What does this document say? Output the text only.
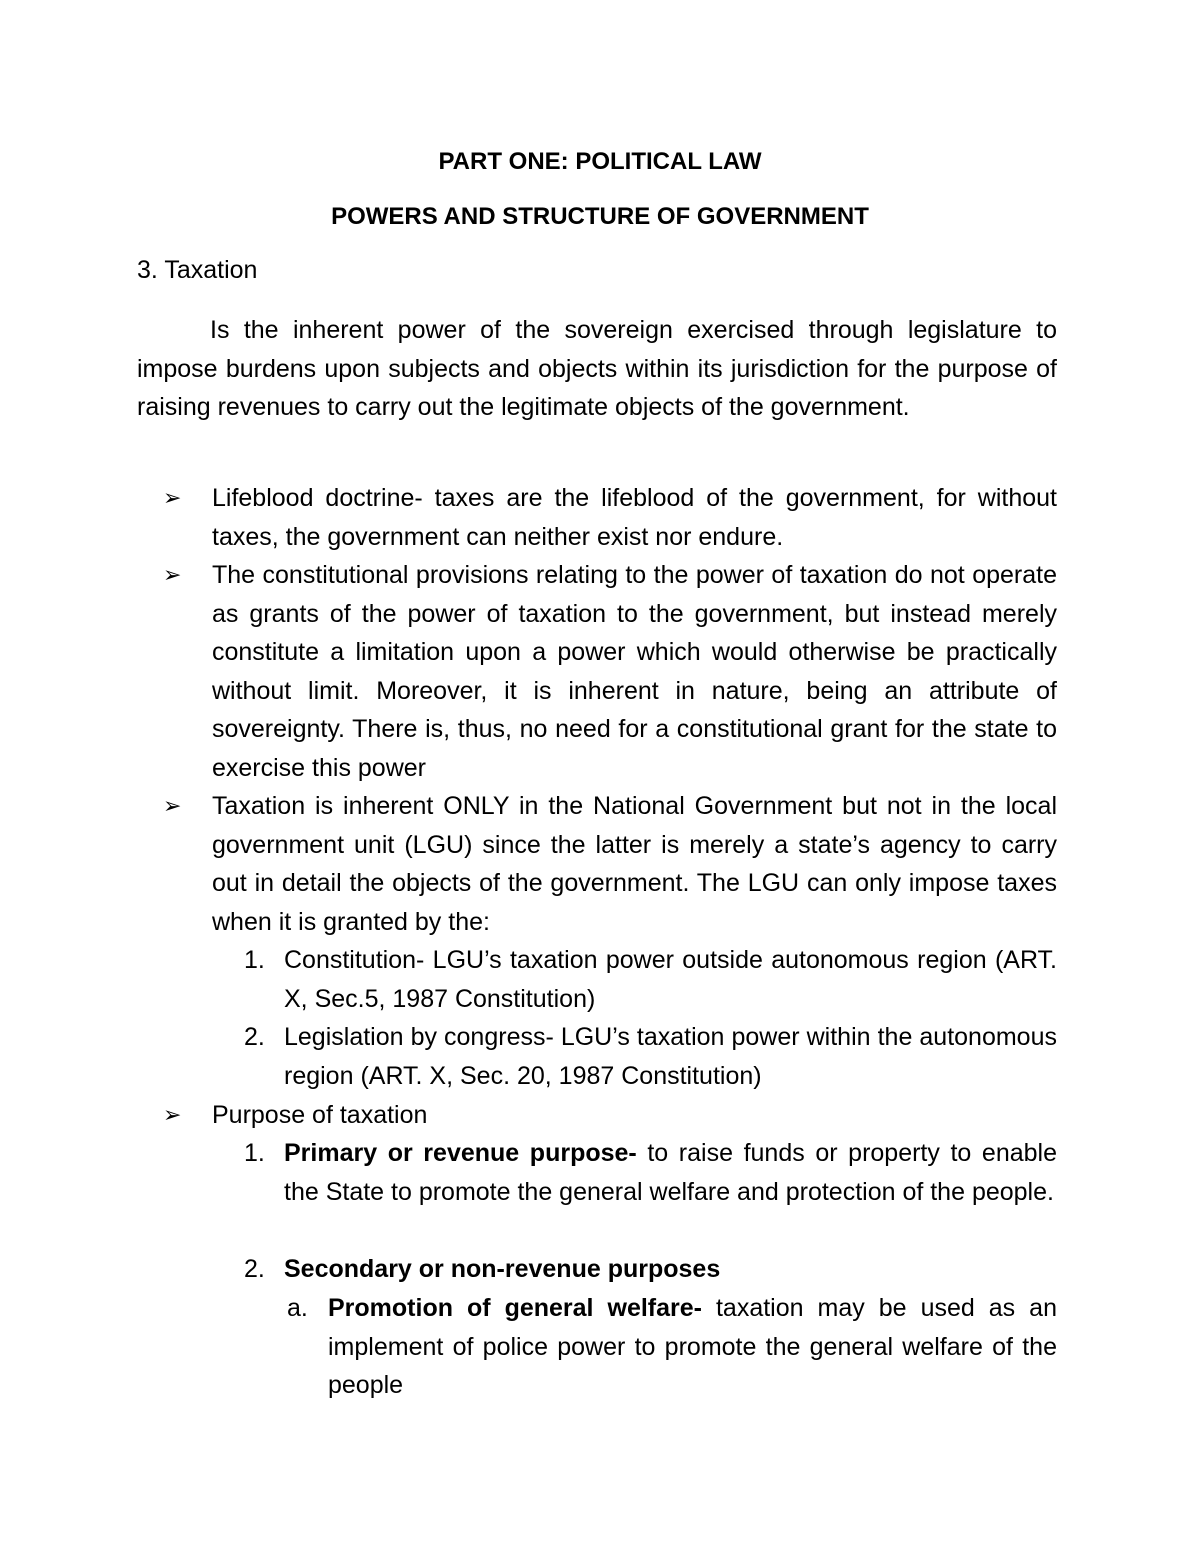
PART ONE: POLITICAL LAW
POWERS AND STRUCTURE OF GOVERNMENT
3. Taxation
Is the inherent power of the sovereign exercised through legislature to impose burdens upon subjects and objects within its jurisdiction for the purpose of raising revenues to carry out the legitimate objects of the government.
➢	Lifeblood doctrine- taxes are the lifeblood of the government, for without taxes, the government can neither exist nor endure.
➢	The constitutional provisions relating to the power of taxation do not operate as grants of the power of taxation to the government, but instead merely constitute a limitation upon a power which would otherwise be practically without limit. Moreover, it is inherent in nature, being an attribute of sovereignty. There is, thus, no need for a constitutional grant for the state to exercise this power
➢	Taxation is inherent ONLY in the National Government but not in the local government unit (LGU) since the latter is merely a state’s agency to carry out in detail the objects of the government. The LGU can only impose taxes when it is granted by the:
1. Constitution- LGU’s taxation power outside autonomous region (ART. X, Sec.5, 1987 Constitution)
2. Legislation by congress- LGU’s taxation power within the autonomous region (ART. X, Sec. 20, 1987 Constitution)
➢	Purpose of taxation
1. Primary or revenue purpose- to raise funds or property to enable the State to promote the general welfare and protection of the people.
2. Secondary or non-revenue purposes
a. Promotion of general welfare- taxation may be used as an implement of police power to promote the general welfare of the people
